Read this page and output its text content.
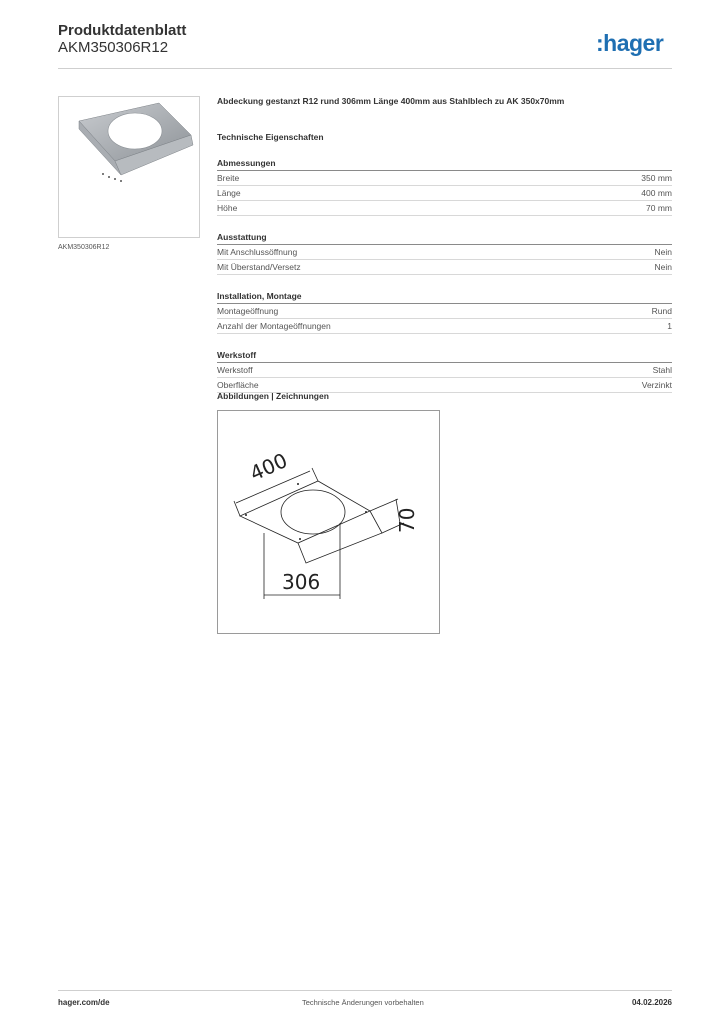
Produktdatenblatt
AKM350306R12	:hager
AKM350306R12

Abdeckung gestanzt R12 rund 306mm Länge 400mm aus Stahlblech zu AK 350x70mm

Technische Eigenschaften
Abmessungen
Breite	350 mm
Länge	400 mm
Höhe	70 mm
Ausstattung
Mit Anschlussöffnung	Nein
Mit Überstand/Versetz	Nein
Installation, Montage
Montageöffnung	Rund
Anzahl der Montageöffnungen	1
Werkstoff
Werkstoff	Stahl
Oberfläche	Verzinkt
Abbildungen | Zeichnungen
400
70
306
hager.com/de	Technische Änderungen vorbehalten	04.02.2026
